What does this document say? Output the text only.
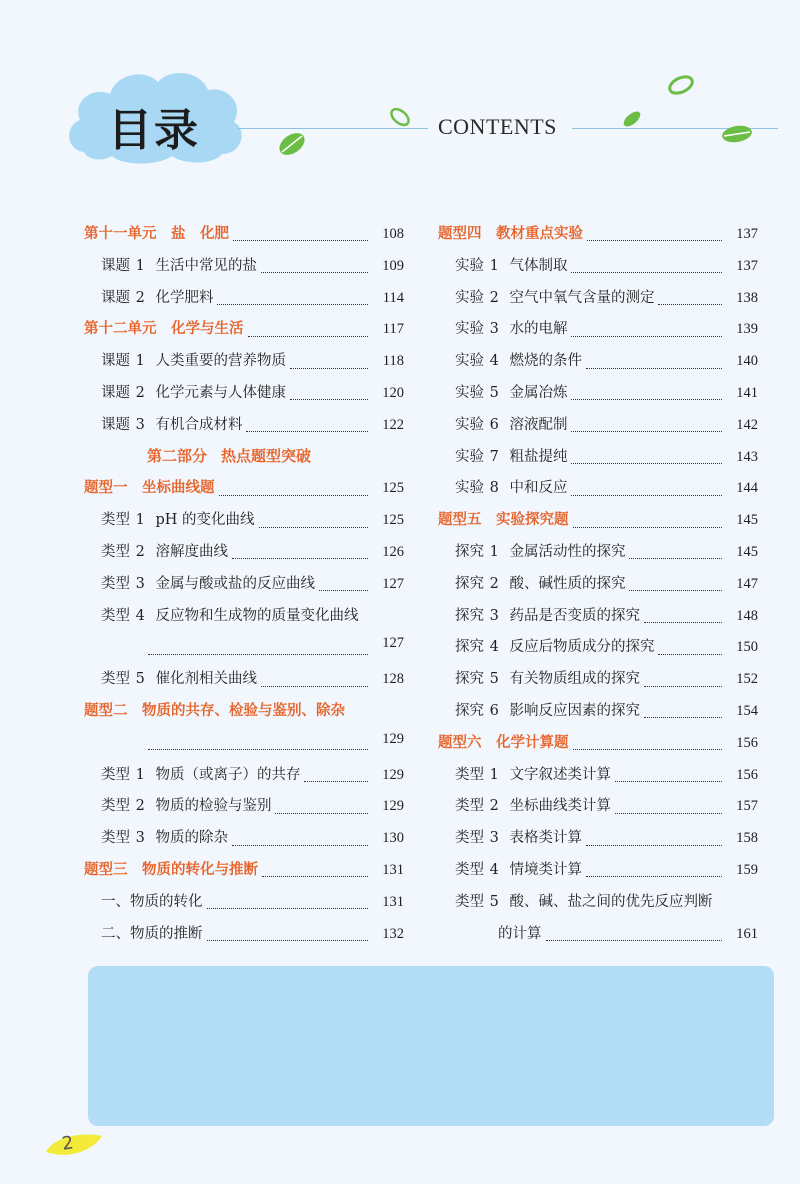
目录	CONTENTS
第十一单元　盐　化肥	108
课题 1 生活中常见的盐	109
课题 2 化学肥料	114
第十二单元　化学与生活	117
课题 1 人类重要的营养物质	118
课题 2 化学元素与人体健康	120
课题 3 有机合成材料	122
第二部分 热点题型突破
题型一　坐标曲线题	125
类型 1 pH 的变化曲线	125
类型 2 溶解度曲线	126
类型 3 金属与酸或盐的反应曲线	127
类型 4 反应物和生成物的质量变化曲线
127
类型 5 催化剂相关曲线	128
题型二　物质的共存、检验与鉴别、除杂
129
类型 1 物质（或离子）的共存	129
类型 2 物质的检验与鉴别	129
类型 3 物质的除杂	130
题型三　物质的转化与推断	131
一、物质的转化	131
二、物质的推断	132
题型四　教材重点实验	137
实验 1 气体制取	137
实验 2 空气中氧气含量的测定	138
实验 3 水的电解	139
实验 4 燃烧的条件	140
实验 5 金属冶炼	141
实验 6 溶液配制	142
实验 7 粗盐提纯	143
实验 8 中和反应	144
题型五　实验探究题	145
探究 1 金属活动性的探究	145
探究 2 酸、碱性质的探究	147
探究 3 药品是否变质的探究	148
探究 4 反应后物质成分的探究	150
探究 5 有关物质组成的探究	152
探究 6 影响反应因素的探究	154
题型六　化学计算题	156
类型 1 文字叙述类计算	156
类型 2 坐标曲线类计算	157
类型 3 表格类计算	158
类型 4 情境类计算	159
类型 5 酸、碱、盐之间的优先反应判断
的计算	161
2
